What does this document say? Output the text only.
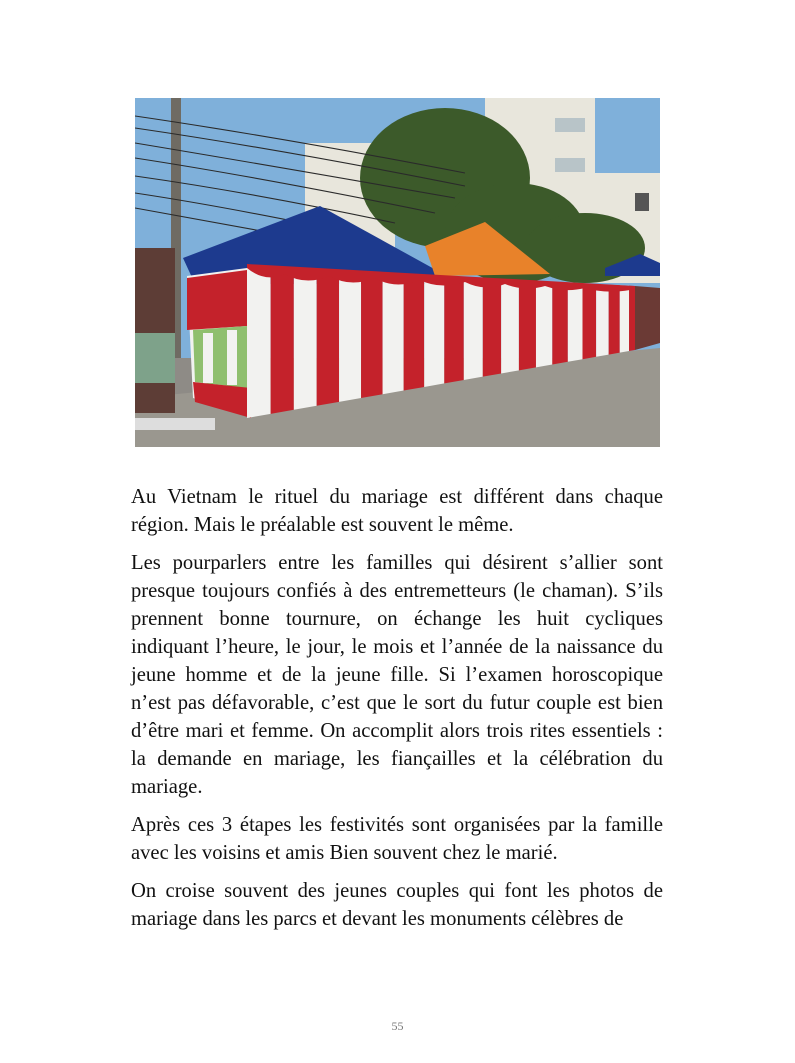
Au Vietnam le rituel du mariage est différent dans chaque région. Mais le préalable est souvent le même.

Les pourparlers entre les familles qui désirent s’allier sont presque toujours confiés à des entremetteurs (le chaman). S’ils prennent bonne tournure, on échange les huit cycliques indiquant l’heure, le jour, le mois et l’année de la naissance du jeune homme et de la jeune fille. Si l’examen horoscopique n’est pas défavorable, c’est que le sort du futur couple est bien d’être mari et femme. On accomplit alors trois rites essentiels : la demande en mariage, les fiançailles et la célébration du mariage.

Après ces 3 étapes les festivités sont organisées par la famille avec les voisins et amis Bien souvent chez le marié.

On croise souvent des jeunes couples qui font les photos de mariage dans les parcs et devant les monuments célèbres de

55
